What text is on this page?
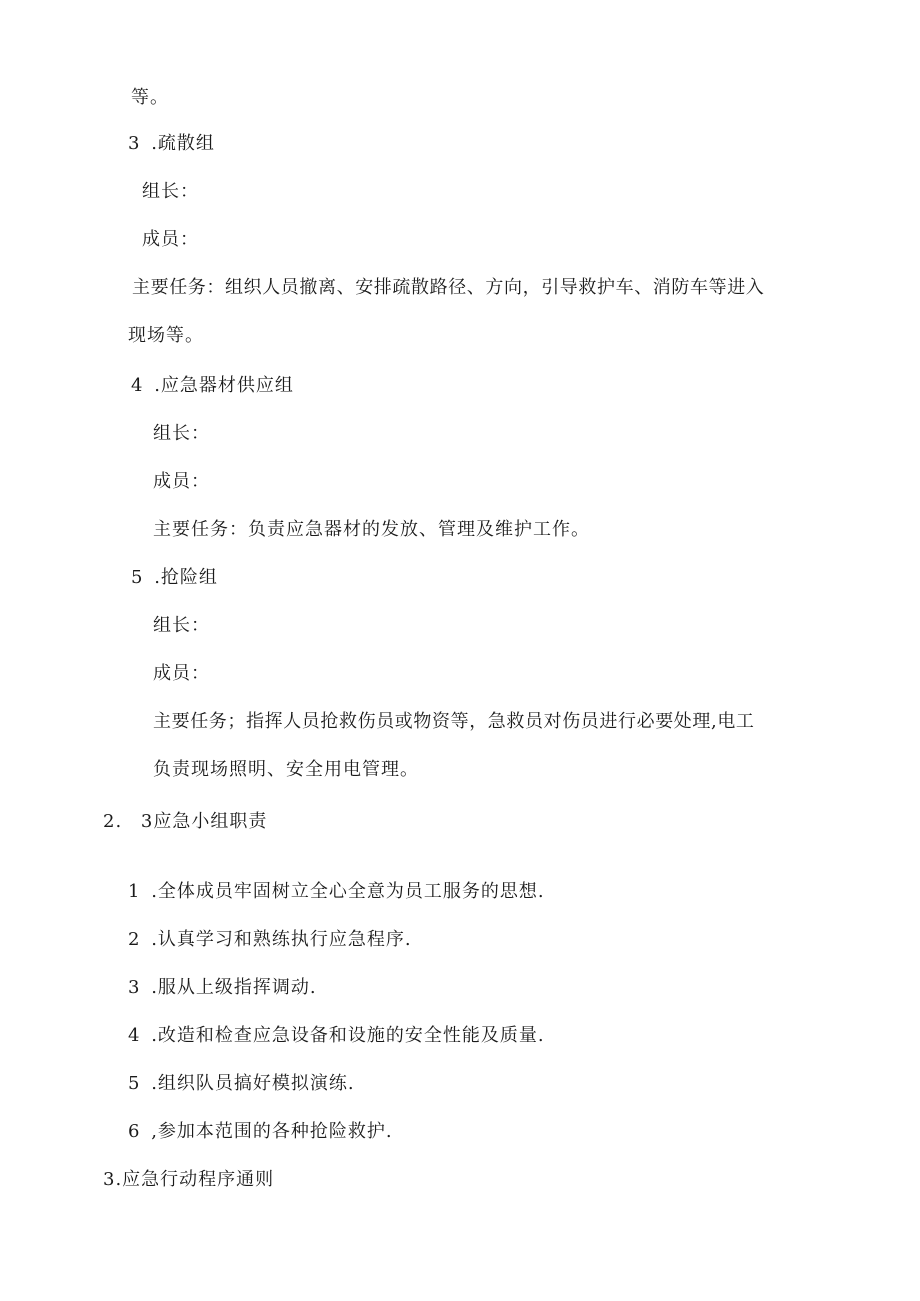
等。
3 .疏散组
组长：
成员：
主要任务：组织人员撤离、安排疏散路径、方向，引导救护车、消防车等进入
现场等。
4 .应急器材供应组
组长：
成员：
主要任务：负责应急器材的发放、管理及维护工作。
5 .抢险组
组长：
成员：
主要任务；指挥人员抢救伤员或物资等，急救员对伤员进行必要处理,电工
负责现场照明、安全用电管理。
2. 3应急小组职责
1 .全体成员牢固树立全心全意为员工服务的思想.
2 .认真学习和熟练执行应急程序.
3 .服从上级指挥调动.
4 .改造和检查应急设备和设施的安全性能及质量.
5 .组织队员搞好模拟演练.
6 ,参加本范围的各种抢险救护.
3.应急行动程序通则
